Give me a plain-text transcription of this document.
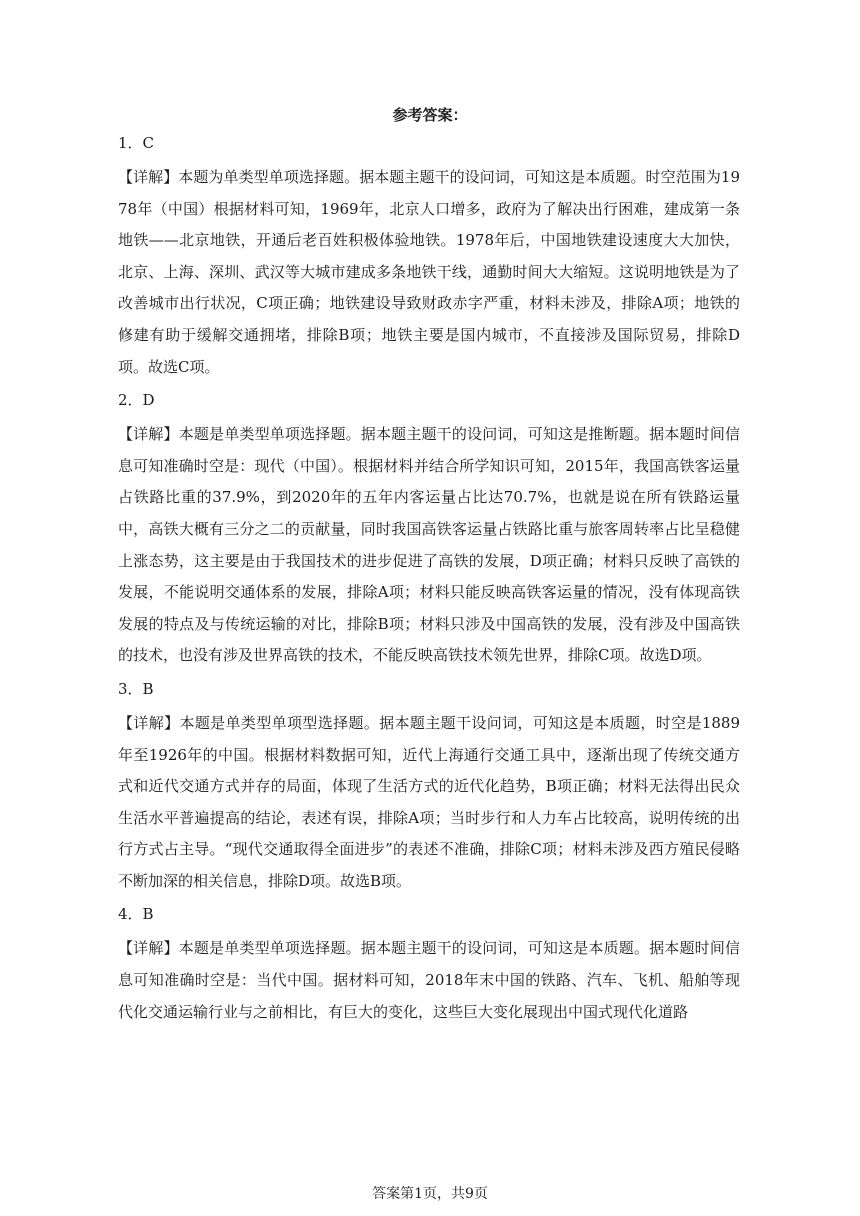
参考答案：
1．C
【详解】本题为单类型单项选择题。据本题主题干的设问词，可知这是本质题。时空范围为1978年（中国）根据材料可知，1969年，北京人口增多，政府为了解决出行困难，建成第一条地铁——北京地铁，开通后老百姓积极体验地铁。1978年后，中国地铁建设速度大大加快，北京、上海、深圳、武汉等大城市建成多条地铁干线，通勤时间大大缩短。这说明地铁是为了改善城市出行状况，C项正确；地铁建设导致财政赤字严重，材料未涉及，排除A项；地铁的修建有助于缓解交通拥堵，排除B项；地铁主要是国内城市，不直接涉及国际贸易，排除D项。故选C项。
2．D
【详解】本题是单类型单项选择题。据本题主题干的设问词，可知这是推断题。据本题时间信息可知准确时空是：现代（中国）。根据材料并结合所学知识可知，2015年，我国高铁客运量占铁路比重的37.9%，到2020年的五年内客运量占比达70.7%，也就是说在所有铁路运量中，高铁大概有三分之二的贡献量，同时我国高铁客运量占铁路比重与旅客周转率占比呈稳健上涨态势，这主要是由于我国技术的进步促进了高铁的发展，D项正确；材料只反映了高铁的发展，不能说明交通体系的发展，排除A项；材料只能反映高铁客运量的情况，没有体现高铁发展的特点及与传统运输的对比，排除B项；材料只涉及中国高铁的发展，没有涉及中国高铁的技术，也没有涉及世界高铁的技术，不能反映高铁技术领先世界，排除C项。故选D项。
3．B
【详解】本题是单类型单项型选择题。据本题主题干设问词，可知这是本质题，时空是1889年至1926年的中国。根据材料数据可知，近代上海通行交通工具中，逐渐出现了传统交通方式和近代交通方式并存的局面，体现了生活方式的近代化趋势，B项正确；材料无法得出民众生活水平普遍提高的结论，表述有误，排除A项；当时步行和人力车占比较高，说明传统的出行方式占主导。“现代交通取得全面进步”的表述不准确，排除C项；材料未涉及西方殖民侵略不断加深的相关信息，排除D项。故选B项。
4．B
【详解】本题是单类型单项选择题。据本题主题干的设问词，可知这是本质题。据本题时间信息可知准确时空是：当代中国。据材料可知，2018年末中国的铁路、汽车、飞机、船舶等现代化交通运输行业与之前相比，有巨大的变化，这些巨大变化展现出中国式现代化道路
答案第1页，共9页
